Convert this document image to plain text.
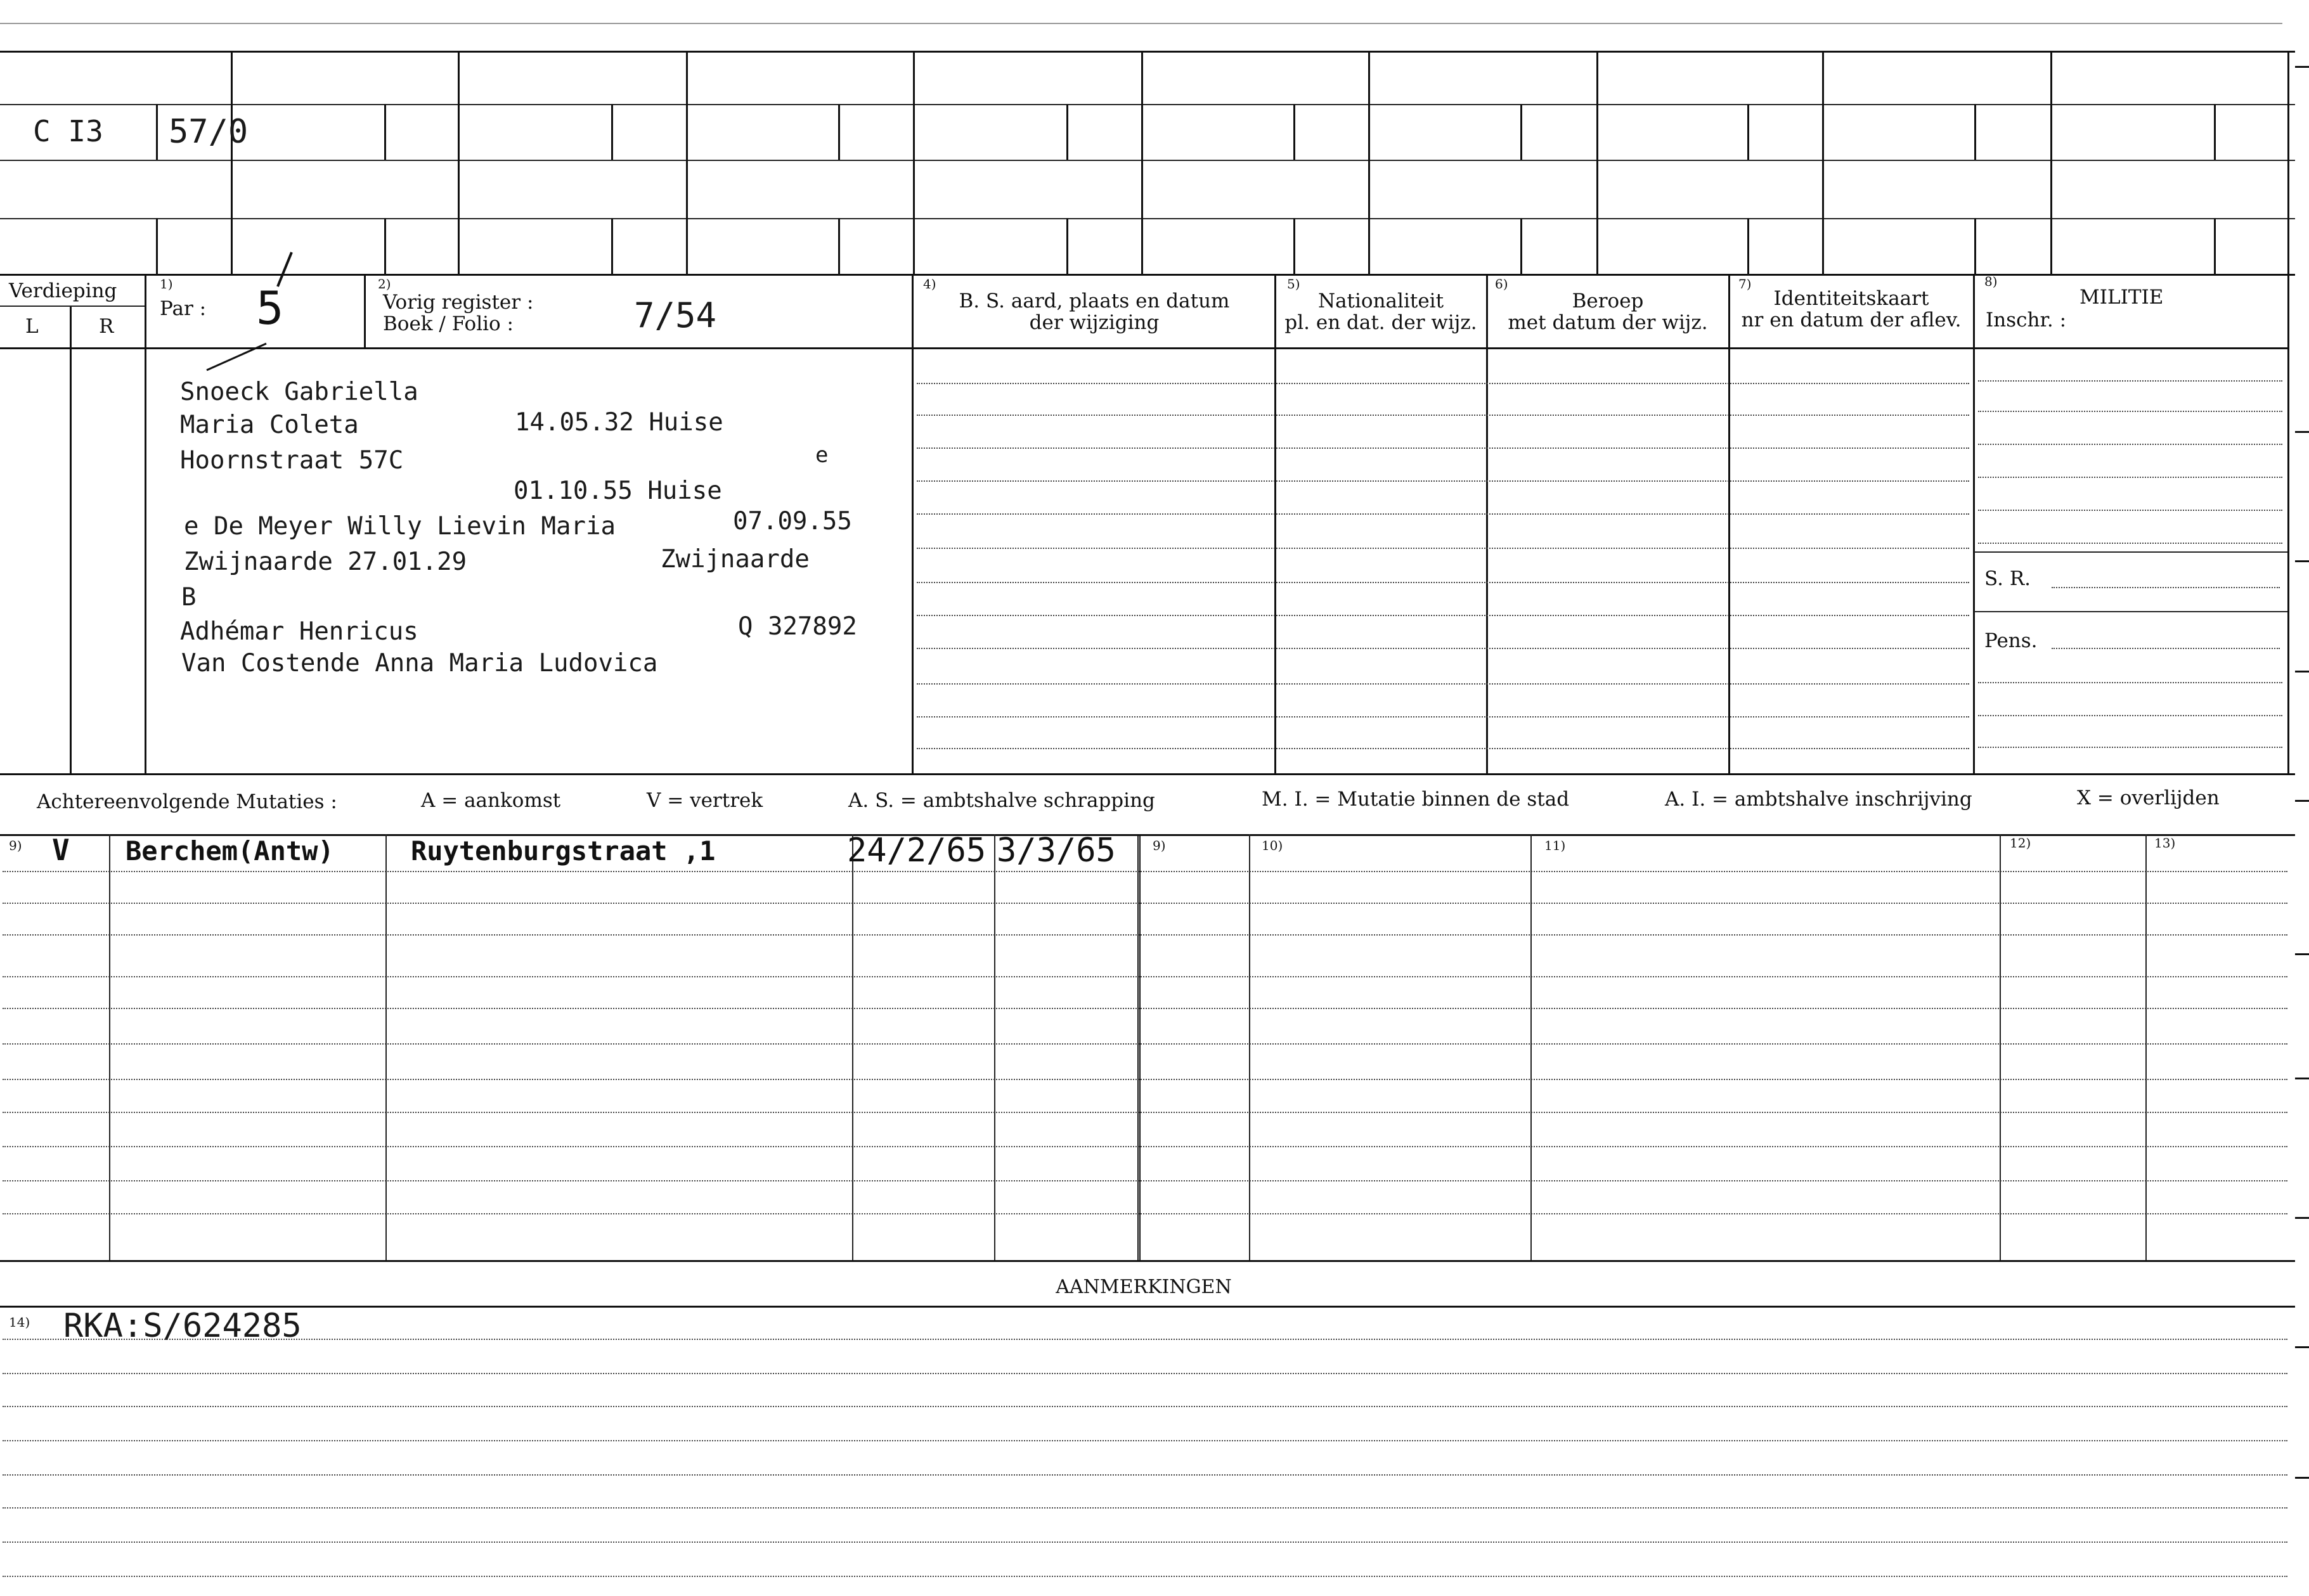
C I3 57/0
Verdieping
L	R
1)
Par : 5	2)
Vorig register :
Boek / Folio :	7/54
4)
B. S. aard, plaats en datum
der wijziging
5)
Nationaliteit
pl. en dat. der wijz.
6)
Beroep
met datum der wijz.
7)
Identiteitskaart
nr en datum der aflev.
8)
MILITIE
Inschr. :
Snoeck Gabriella
Maria Coleta	14.05.32 Huise
Hoornstraat 57C	e
01.10.55 Huise
e De Meyer Willy Lievin Maria	07.09.55
Zwijnaarde 27.01.29	Zwijnaarde
B
Adhémar Henricus	Q 327892
Van Costende Anna Maria Ludovica
S. R.
Pens.
Achtereenvolgende Mutaties :	A = aankomst	V = vertrek	A. S. = ambtshalve schrapping	M. I. = Mutatie binnen de stad	A. I. = ambtshalve inschrijving	X = overlijden
9) V Berchem(Antw)	Ruytenburgstraat ,1	24/2/65 3/3/65	9)	10)	11)	12)	13)
AANMERKINGEN
14) RKA:S/624285
